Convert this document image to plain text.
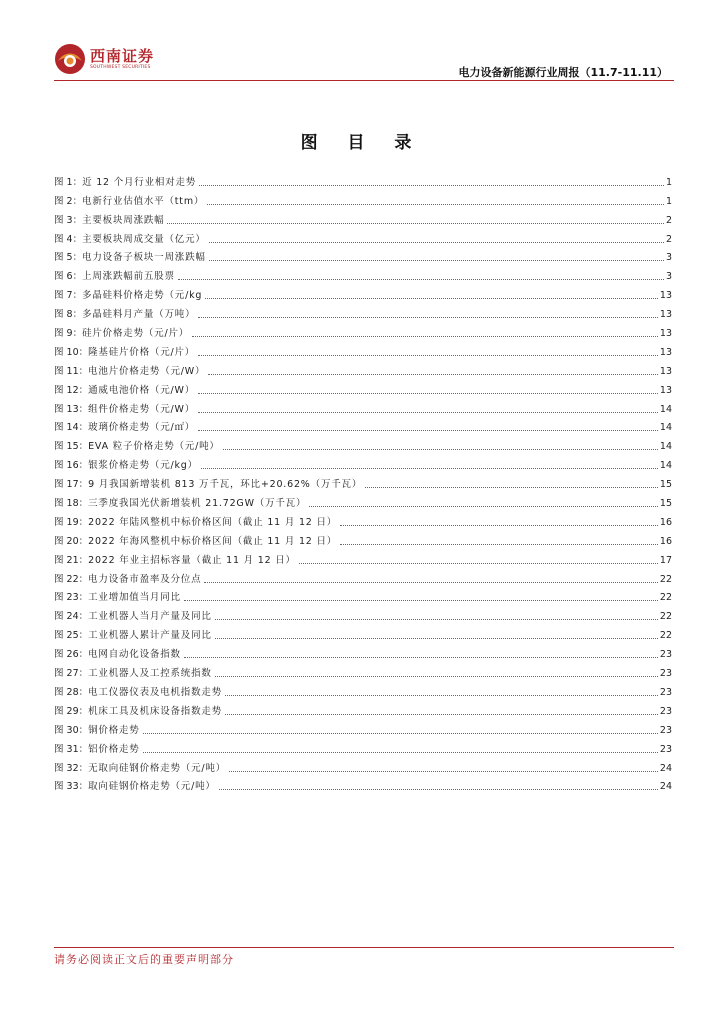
西南证券
SOUTHWEST SECURITIES	电力设备新能源行业周报（11.7-11.11）
图 目 录
图 1： 近 12 个月行业相对走势	1
图 2： 电新行业估值水平（ttm）	1
图 3： 主要板块周涨跌幅	2
图 4： 主要板块周成交量（亿元）	2
图 5： 电力设备子板块一周涨跌幅	3
图 6： 上周涨跌幅前五股票	3
图 7： 多晶硅料价格走势（元/kg	13
图 8： 多晶硅料月产量（万吨）	13
图 9： 硅片价格走势（元/片）	13
图 10： 隆基硅片价格（元/片）	13
图 11： 电池片价格走势（元/W）	13
图 12： 通威电池价格（元/W）	13
图 13： 组件价格走势（元/W）	14
图 14： 玻璃价格走势（元/㎡）	14
图 15： EVA 粒子价格走势（元/吨）	14
图 16： 银浆价格走势（元/kg）	14
图 17： 9 月我国新增装机 813 万千瓦，环比+20.62%（万千瓦）	15
图 18： 三季度我国光伏新增装机 21.72GW（万千瓦）	15
图 19： 2022 年陆风整机中标价格区间（截止 11 月 12 日）	16
图 20： 2022 年海风整机中标价格区间（截止 11 月 12 日）	16
图 21： 2022 年业主招标容量（截止 11 月 12 日）	17
图 22： 电力设备市盈率及分位点	22
图 23： 工业增加值当月同比	22
图 24： 工业机器人当月产量及同比	22
图 25： 工业机器人累计产量及同比	22
图 26： 电网自动化设备指数	23
图 27： 工业机器人及工控系统指数	23
图 28： 电工仪器仪表及电机指数走势	23
图 29： 机床工具及机床设备指数走势	23
图 30： 铜价格走势	23
图 31： 铝价格走势	23
图 32： 无取向硅钢价格走势（元/吨）	24
图 33： 取向硅钢价格走势（元/吨）	24
请务必阅读正文后的重要声明部分
